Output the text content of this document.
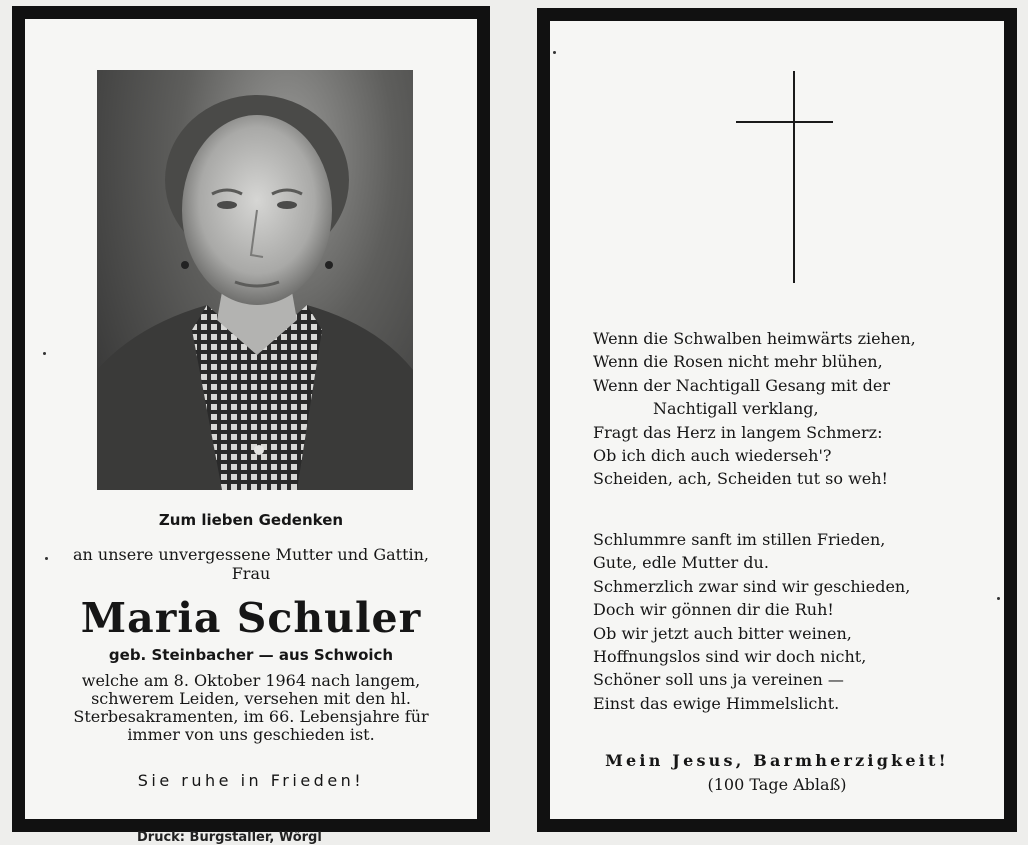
Zum lieben Gedenken
an unsere unvergessene Mutter und Gattin, Frau
Maria Schuler
geb. Steinbacher — aus Schwoich
welche am 8. Oktober 1964 nach langem, schwerem Leiden, versehen mit den hl. Sterbesakramenten, im 66. Lebensjahre für immer von uns geschieden ist.
Sie ruhe in Frieden!
Druck: Burgstaller, Wörgl
Wenn die Schwalben heimwärts ziehen,
Wenn die Rosen nicht mehr blühen,
Wenn der Nachtigall Gesang mit der
Nachtigall verklang,
Fragt das Herz in langem Schmerz:
Ob ich dich auch wiederseh'?
Scheiden, ach, Scheiden tut so weh!
Schlummre sanft im stillen Frieden,
Gute, edle Mutter du.
Schmerzlich zwar sind wir geschieden,
Doch wir gönnen dir die Ruh!
Ob wir jetzt auch bitter weinen,
Hoffnungslos sind wir doch nicht,
Schöner soll uns ja vereinen —
Einst das ewige Himmelslicht.
Mein Jesus, Barmherzigkeit!
(100 Tage Ablaß)
